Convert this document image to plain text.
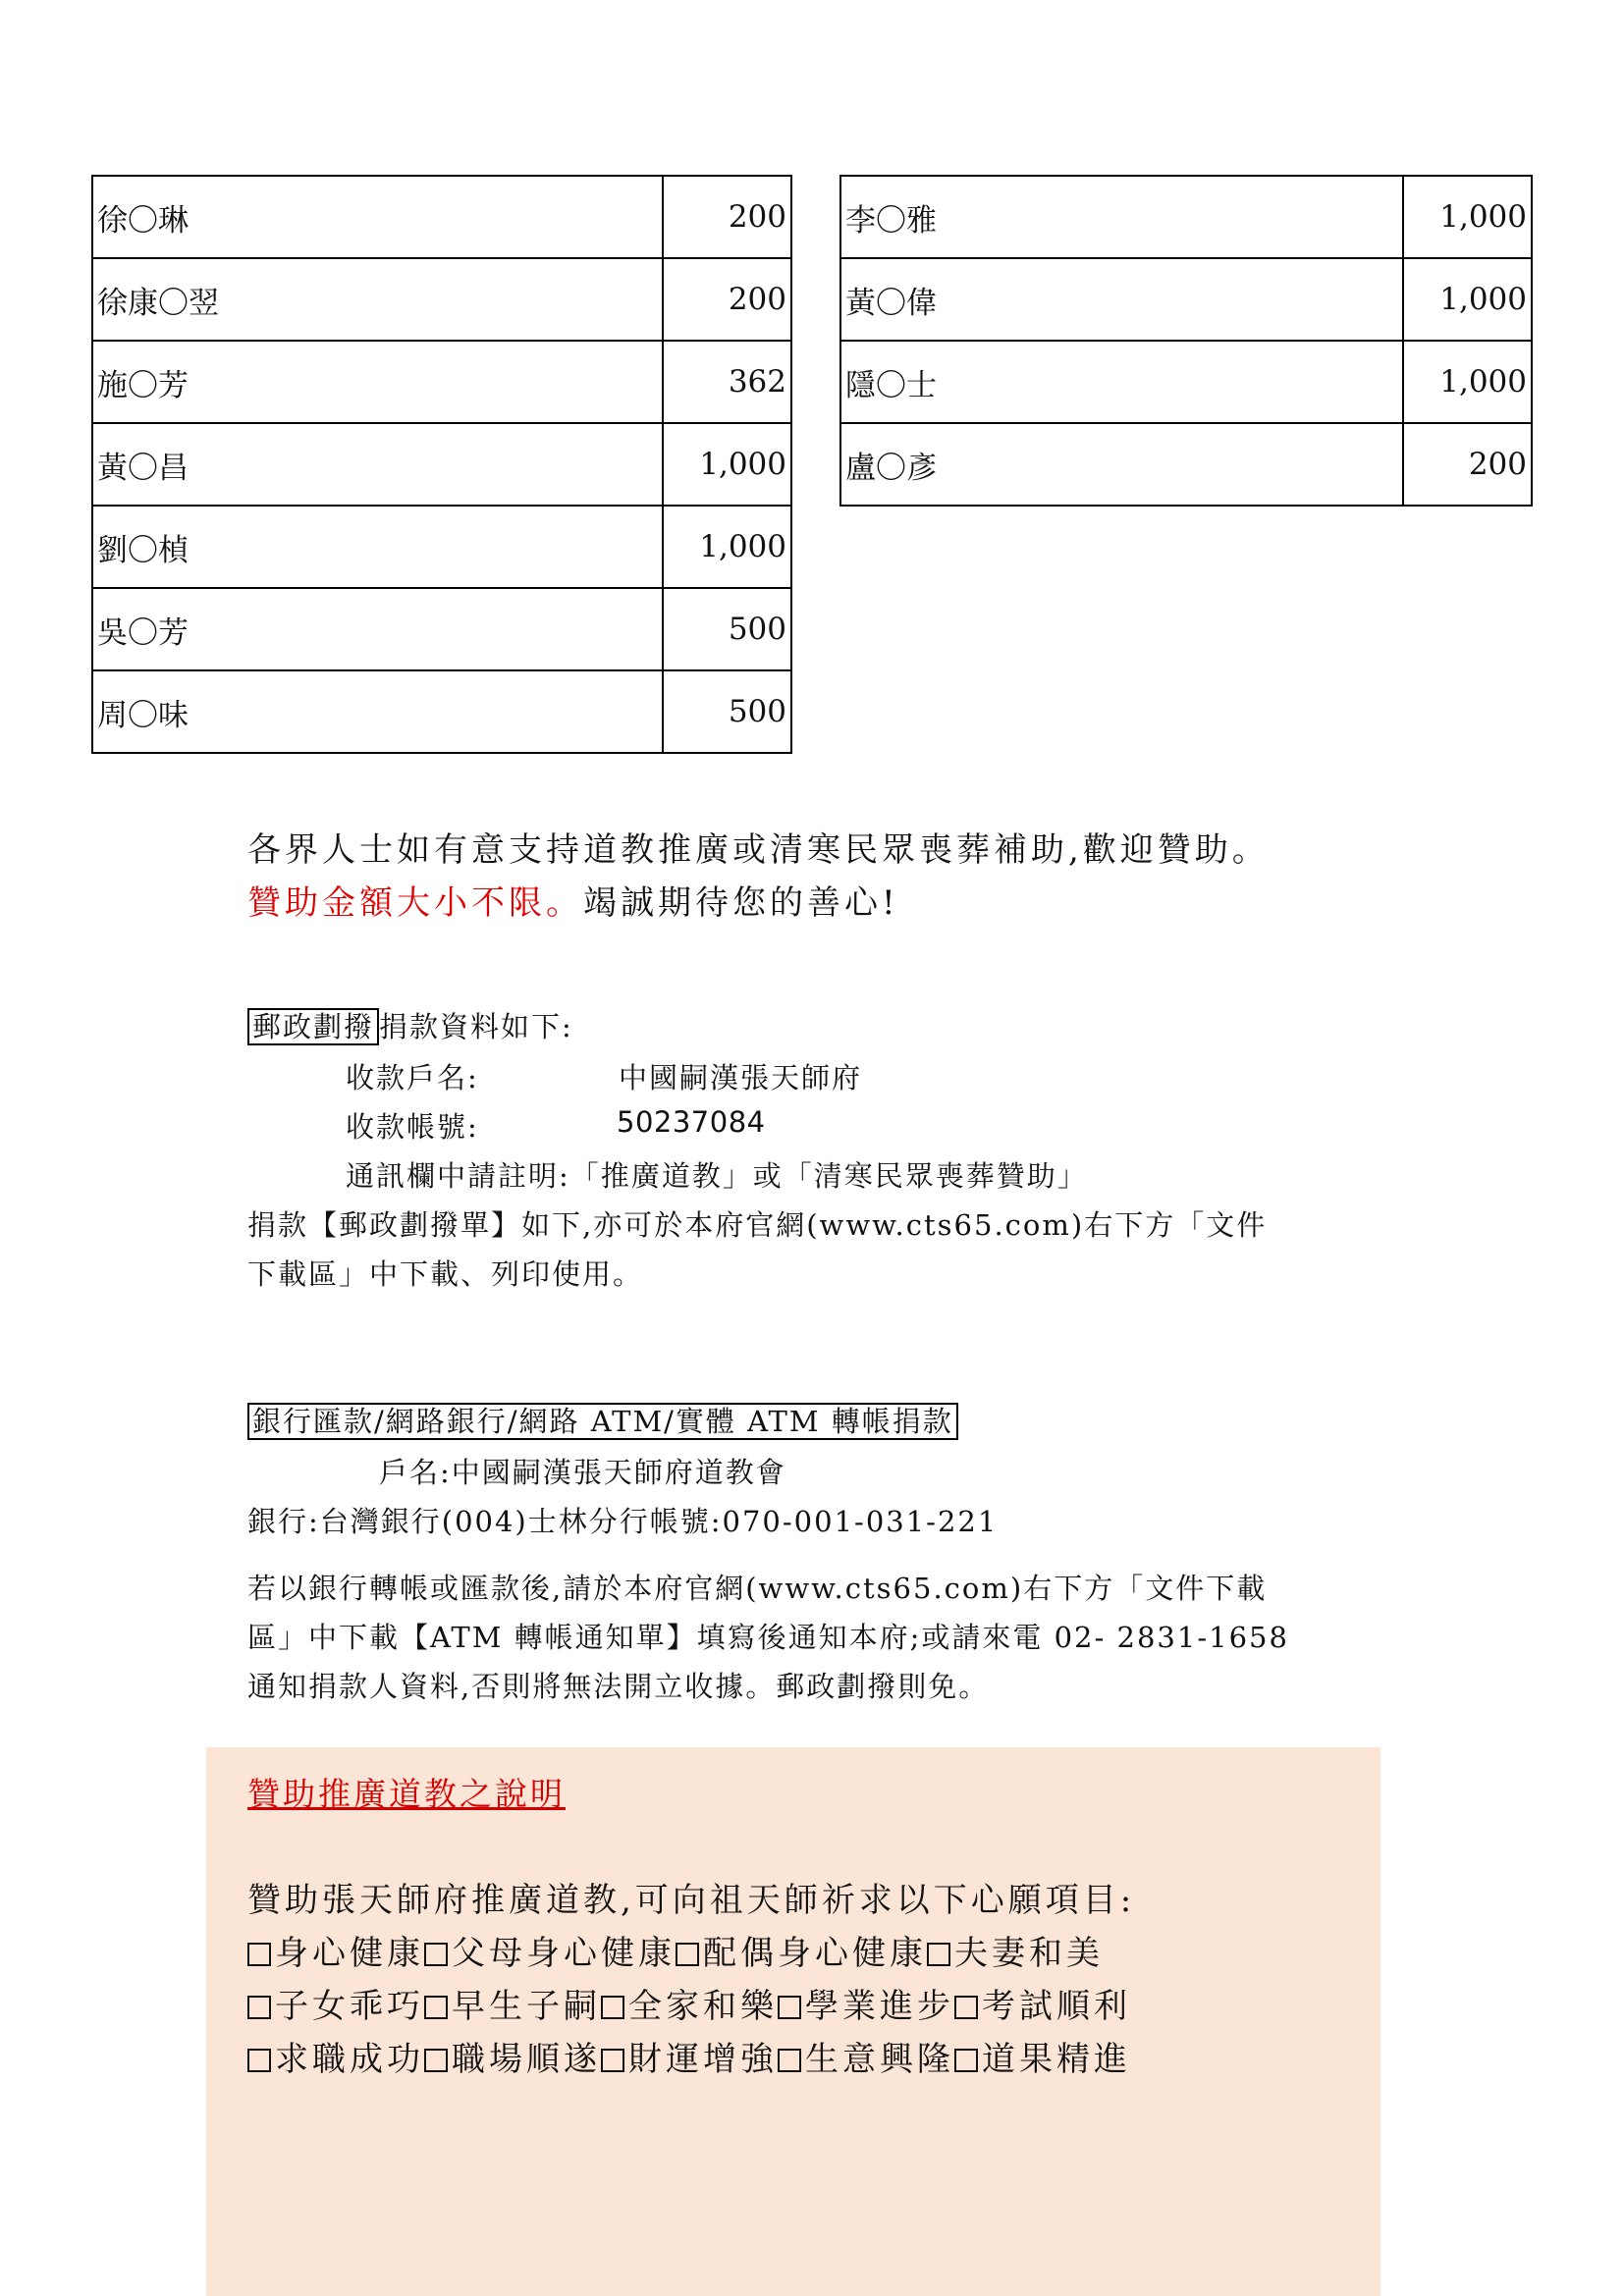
徐〇琳	200
徐康〇翌	200
施〇芳	362
黃〇昌	1,000
劉〇楨	1,000
吳〇芳	500
周〇味	500
李〇雅	1,000
黃〇偉	1,000
隱〇士	1,000
盧〇彥	200
各界人士如有意支持道教推廣或清寒民眾喪葬補助,歡迎贊助。
贊助金額大小不限。竭誠期待您的善心!
郵政劃撥 捐款資料如下:
收款戶名:	中國嗣漢張天師府
收款帳號:	50237084
通訊欄中請註明:「推廣道教」或「清寒民眾喪葬贊助」
捐款【郵政劃撥單】如下,亦可於本府官網(www.cts65.com)右下方「文件
下載區」中下載、列印使用。
銀行匯款/網路銀行/網路 ATM/實體 ATM 轉帳捐款
戶名:中國嗣漢張天師府道教會
銀行:台灣銀行(004)士林分行帳號:070-001-031-221
若以銀行轉帳或匯款後,請於本府官網(www.cts65.com)右下方「文件下載
區」中下載【ATM 轉帳通知單】填寫後通知本府;或請來電 02- 2831-1658
通知捐款人資料,否則將無法開立收據。郵政劃撥則免。
贊助推廣道教之說明
贊助張天師府推廣道教,可向祖天師祈求以下心願項目:
身心健康 父母身心健康 配偶身心健康 夫妻和美
子女乖巧 早生子嗣 全家和樂 學業進步 考試順利
求職成功 職場順遂 財運增強 生意興隆 道果精進
